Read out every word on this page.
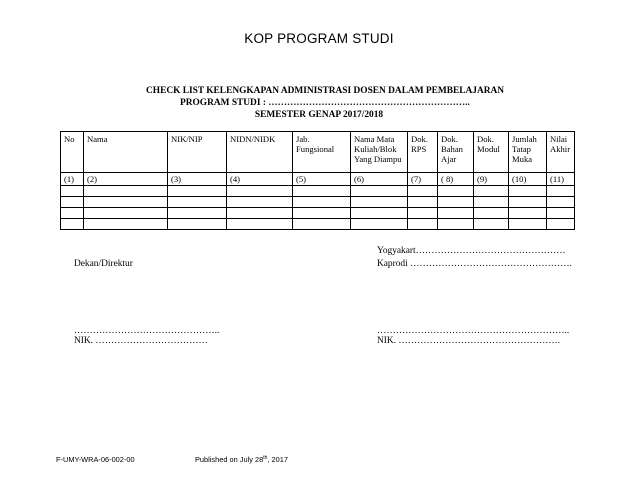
KOP PROGRAM STUDI
CHECK LIST KELENGKAPAN ADMINISTRASI DOSEN DALAM PEMBELAJARAN
PROGRAM STUDI : ………………………………………………………..
SEMESTER GENAP 2017/2018
No	Nama	NIK/NIP	NIDN/NIDK	Jab. Fungsional	Nama Mata Kuliah/Blok Yang Diampu	Dok. RPS	Dok. Bahan Ajar	Dok. Modul	Jumlah Tatap Muka	Nilai Akhir
(1)	(2)	(3)	(4)	(5)	(6)	(7)	( 8)	(9)	(10)	(11)

Dekan/Direktur
………………………………………..
NIK. ………………………………
Yogyakart…………………………………………
Kaprodi …………………………………………….
……………………………………………………..
NIK. …………………………………………….
F-UMY-WRA-06-002-00	Published on July 28th, 2017
